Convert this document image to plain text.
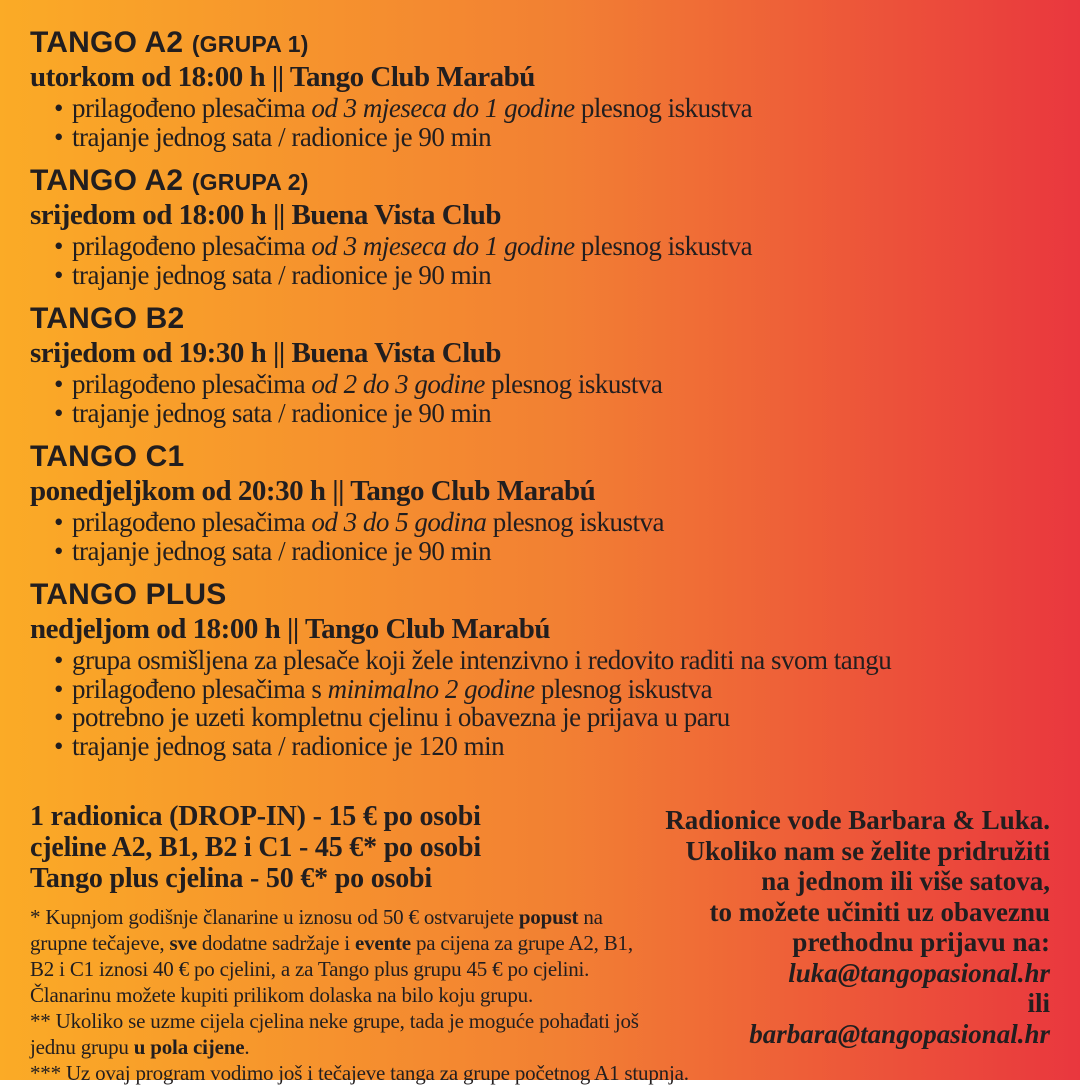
TANGO A2 (GRUPA 1)
utorkom od 18:00 h || Tango Club Marabú
• prilagođeno plesačima od 3 mjeseca do 1 godine plesnog iskustva
• trajanje jednog sata / radionice je 90 min
TANGO A2 (GRUPA 2)
srijedom od 18:00 h || Buena Vista Club
• prilagođeno plesačima od 3 mjeseca do 1 godine plesnog iskustva
• trajanje jednog sata / radionice je 90 min
TANGO B2
srijedom od 19:30 h || Buena Vista Club
• prilagođeno plesačima od 2 do 3 godine plesnog iskustva
• trajanje jednog sata / radionice je 90 min
TANGO C1
ponedjeljkom od 20:30 h || Tango Club Marabú
• prilagođeno plesačima od 3 do 5 godina plesnog iskustva
• trajanje jednog sata / radionice je 90 min
TANGO PLUS
nedjeljom od 18:00 h || Tango Club Marabú
• grupa osmišljena za plesače koji žele intenzivno i redovito raditi na svom tangu
• prilagođeno plesačima s minimalno 2 godine plesnog iskustva
• potrebno je uzeti kompletnu cjelinu i obavezna je prijava u paru
• trajanje jednog sata / radionice je 120 min
1 radionica (DROP-IN) - 15 € po osobi
cjeline A2, B1, B2 i C1 - 45 €* po osobi
Tango plus cjelina - 50 €* po osobi
* Kupnjom godišnje članarine u iznosu od 50 € ostvarujete popust na
grupne tečajeve, sve dodatne sadržaje i evente pa cijena za grupe A2, B1,
B2 i C1 iznosi 40 € po cjelini, a za Tango plus grupu 45 € po cjelini.
Članarinu možete kupiti prilikom dolaska na bilo koju grupu.
** Ukoliko se uzme cijela cjelina neke grupe, tada je moguće pohađati još
jednu grupu u pola cijene.
*** Uz ovaj program vodimo još i tečajeve tanga za grupe početnog A1 stupnja.
Radionice vode Barbara & Luka.
Ukoliko nam se želite pridružiti
na jednom ili više satova,
to možete učiniti uz obaveznu
prethodnu prijavu na:
luka@tangopasional.hr
ili
barbara@tangopasional.hr
